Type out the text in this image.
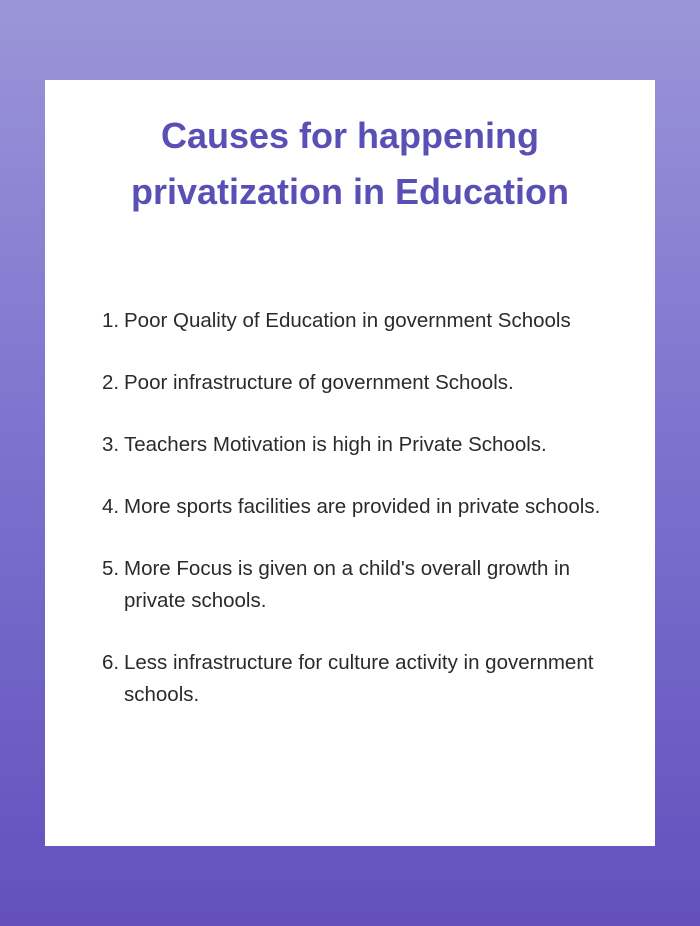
Causes for happening
privatization in Education
1. Poor Quality of Education in government Schools
2. Poor infrastructure of government Schools.
3. Teachers Motivation is high in Private Schools.
4. More sports facilities are provided in private schools.
5. More Focus is given on a child's overall growth in private schools.
6. Less infrastructure for culture activity in government schools.
